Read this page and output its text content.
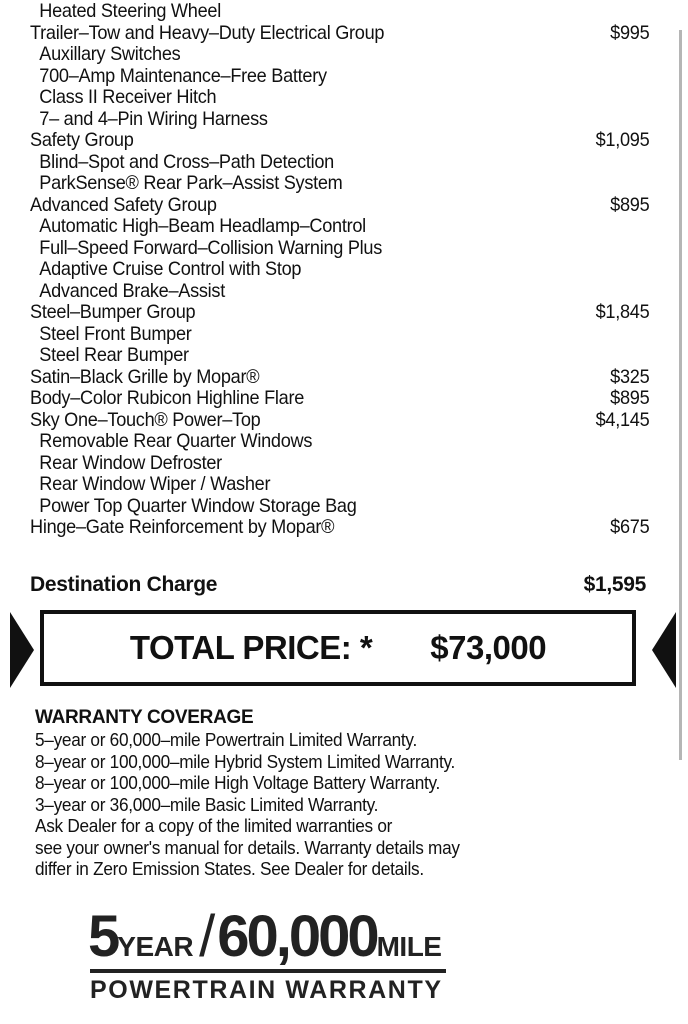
Heated Steering Wheel
Trailer–Tow and Heavy–Duty Electrical Group	$995
Auxillary Switches
700–Amp Maintenance–Free Battery
Class II Receiver Hitch
7– and 4–Pin Wiring Harness
Safety Group	$1,095
Blind–Spot and Cross–Path Detection
ParkSense® Rear Park–Assist System
Advanced Safety Group	$895
Automatic High–Beam Headlamp–Control
Full–Speed Forward–Collision Warning Plus
Adaptive Cruise Control with Stop
Advanced Brake–Assist
Steel–Bumper Group	$1,845
Steel Front Bumper
Steel Rear Bumper
Satin–Black Grille by Mopar®	$325
Body–Color Rubicon Highline Flare	$895
Sky One–Touch® Power–Top	$4,145
Removable Rear Quarter Windows
Rear Window Defroster
Rear Window Wiper / Washer
Power Top Quarter Window Storage Bag
Hinge–Gate Reinforcement by Mopar®	$675
Destination Charge	$1,595
TOTAL PRICE: * $73,000
WARRANTY COVERAGE
5–year or 60,000–mile Powertrain Limited Warranty.
8–year or 100,000–mile Hybrid System Limited Warranty.
8–year or 100,000–mile High Voltage Battery Warranty.
3–year or 36,000–mile Basic Limited Warranty.
Ask Dealer for a copy of the limited warranties or
see your owner's manual for details. Warranty details may
differ in Zero Emission States. See Dealer for details.
5YEAR /60,000MILE
POWERTRAIN WARRANTY
